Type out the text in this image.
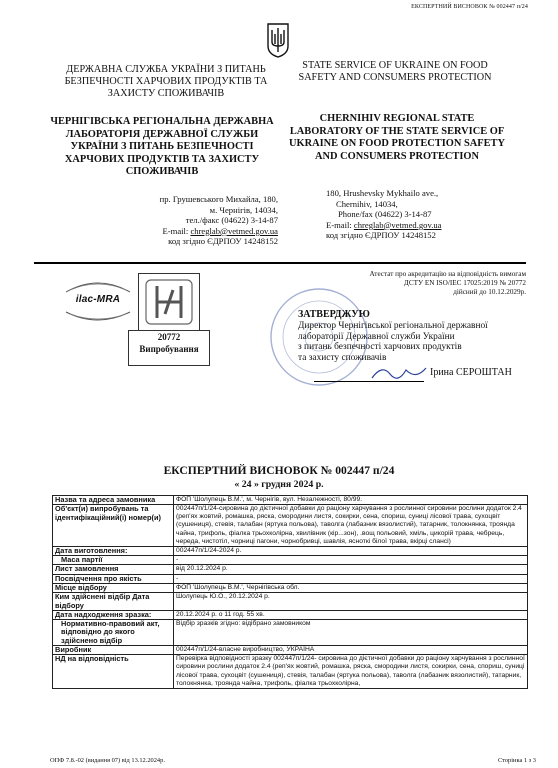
ЕКСПЕРТНИЙ ВИСНОВОК № 002447 п/24
ДЕРЖАВНА СЛУЖБА УКРАЇНИ З ПИТАНЬ БЕЗПЕЧНОСТІ ХАРЧОВИХ ПРОДУКТІВ ТА ЗАХИСТУ СПОЖИВАЧІВ
STATE SERVICE OF UKRAINE ON FOOD SAFETY AND CONSUMERS PROTECTION
ЧЕРНІГІВСЬКА РЕГІОНАЛЬНА ДЕРЖАВНА ЛАБОРАТОРІЯ ДЕРЖАВНОЇ СЛУЖБИ УКРАЇНИ З ПИТАНЬ БЕЗПЕЧНОСТІ ХАРЧОВИХ ПРОДУКТІВ ТА ЗАХИСТУ СПОЖИВАЧІВ
CHERNIHIV REGIONAL STATE LABORATORY OF THE STATE SERVICE OF UKRAINE ON FOOD PROTECTION SAFETY AND CONSUMERS PROTECTION
пр. Грушевського Михайла, 180,
м. Чернігів, 14034,
тел./факс (04622) 3-14-87
E-mail: chreglab@vetmed.gov.ua
код згідно ЄДРПОУ 14248152
180, Hrushevsky Mykhailo ave.,
Chernihiv, 14034,
Phone/fax (04622) 3-14-87
E-mail: chreglab@vetmed.gov.ua
код згідно ЄДРПОУ 14248152
Атестат про акредитацію на відповідність вимогам
ДСТУ EN ISO/IEC 17025:2019 № 20772
дійсний до 10.12.2029р.
ilac-MRA
20772
Випробування
ЗАТВЕРДЖУЮ
Директор Чернігівської регіональної державної
лабораторії Державної служби України
з питань безпечності харчових продуктів
та захисту споживачів
Ірина СЕРОШТАН
ЕКСПЕРТНИЙ ВИСНОВОК № 002447 п/24
« 24 » грудня 2024 р.
Назва та адреса замовника	ФОП 'Шолупець В.М.', м. Чернігів, вул. Незалежності, 80/99.
Об'єкт(и) випробувань та ідентифікаційний(і) номер(и)	002447п/1/24-сировина до дієтичної добавки до раціону харчування з рослинної сировини рослини додаток 2.4 (реп'ях жовтий, ромашка, ряска, смородини листя, сокирки, сена, спориш, суниці лісової трава, сухоцвіт (сушениця), стевія, талабан (яртука польова), таволга (лабазник вязолистий), татарник, толокнянка, троянда чайна, трифоль, фіалка трьохколірна, хвилівник (кір...зон), .вощ польовий, хміль, цикорій трава, чебрець, череда, чистотіл, чорниці пагони, чорнобривці, шавлія, ясноткi білої трава, вкірці слансі)
Дата виготовлення:	002447п/1/24-2024 р.
Маса партії	-
Лист замовлення	від 20.12.2024 р.
Посвідчення про якість	-
Місце відбору	ФОП 'Шолупець В.М.', Чернігівська обл.
Ким здійснені відбір Дата відбору	Шолупець Ю.О., 20.12.2024 р.
Дата надходження зразка:	20.12.2024 р. о 11 год. 55 хв.
Нормативно-правовий акт, відповідно до якого здійснено відбір	Відбір зразків згідно: відібрано замовником
Виробник	002447п/1/24-власне виробництво, УКРАЇНА
НД на відповідність	Перевірка відповідності зразку 002447п/1/24- сировина до дієтичної добавки до раціону харчування з рослинної сировини рослини додаток 2.4 (реп'ях жовтий, ромашка, ряска, смородини листя, сокирки, сена, спориш, суниці лісової трава, сухоцвіт (сушениця), стевія, талабан (яртука польова), таволга (лабазник вязолистий), татарник, толокнянка, троянда чайна, трифоль, фіалка трьохколірна,
ОПФ 7.8.-02 (видання 07) від 13.12.2024р.	Сторінка 1 з 3
